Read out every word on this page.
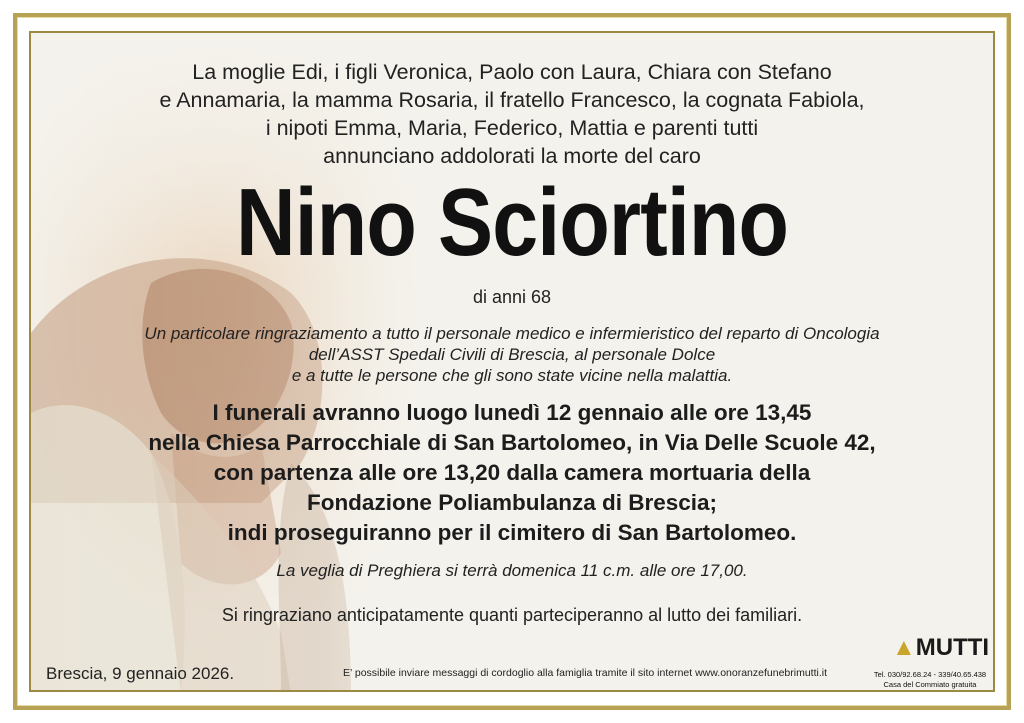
La moglie Edi, i figli Veronica, Paolo con Laura, Chiara con Stefano
e Annamaria, la mamma Rosaria, il fratello Francesco, la cognata Fabiola,
i nipoti Emma, Maria, Federico, Mattia e parenti tutti
annunciano addolorati la morte del caro
Nino Sciortino
di anni 68
Un particolare ringraziamento a tutto il personale medico e infermieristico del reparto di Oncologia
dell’ASST Spedali Civili di Brescia, al personale Dolce
e a tutte le persone che gli sono state vicine nella malattia.
I funerali avranno luogo lunedì 12 gennaio alle ore 13,45
nella Chiesa Parrocchiale di San Bartolomeo, in Via Delle Scuole 42,
con partenza alle ore 13,20 dalla camera mortuaria della
Fondazione Poliambulanza di Brescia;
indi proseguiranno per il cimitero di San Bartolomeo.
La veglia di Preghiera si terrà domenica 11 c.m. alle ore 17,00.
Si ringraziano anticipatamente quanti parteciperanno al lutto dei familiari.
Brescia, 9 gennaio 2026.	E’ possibile inviare messaggi di cordoglio alla famiglia tramite il sito internet www.onoranzefunebrimutti.it
▲MUTTI
Tel. 030/92.68.24 - 339/40.65.438
Casa del Commiato gratuita
